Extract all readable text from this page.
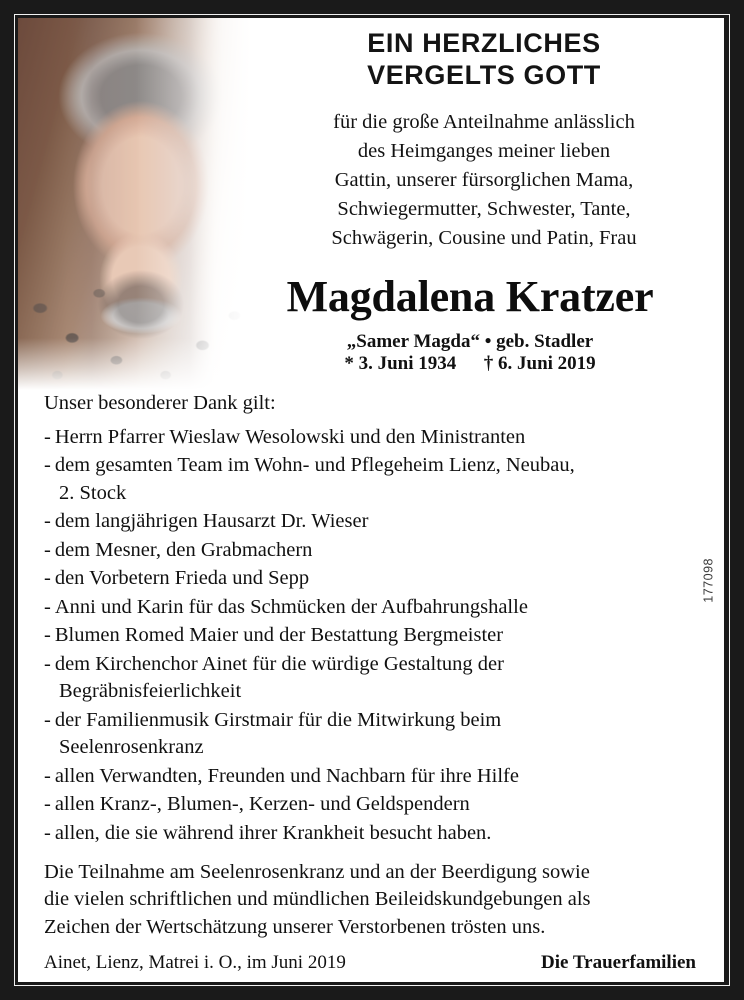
EIN HERZLICHES
VERGELTS GOTT
für die große Anteilnahme anlässlich
des Heimganges meiner lieben
Gattin, unserer fürsorglichen Mama,
Schwiegermutter, Schwester, Tante,
Schwägerin, Cousine und Patin, Frau
Magdalena Kratzer
„Samer Magda“ • geb. Stadler
* 3. Juni 1934 † 6. Juni 2019
Unser besonderer Dank gilt:
- Herrn Pfarrer Wieslaw Wesolowski und den Ministranten
- dem gesamten Team im Wohn- und Pflegeheim Lienz, Neubau,
2. Stock
- dem langjährigen Hausarzt Dr. Wieser
- dem Mesner, den Grabmachern
- den Vorbetern Frieda und Sepp
- Anni und Karin für das Schmücken der Aufbahrungshalle
- Blumen Romed Maier und der Bestattung Bergmeister
- dem Kirchenchor Ainet für die würdige Gestaltung der
Begräbnisfeierlichkeit
- der Familienmusik Girstmair für die Mitwirkung beim
Seelenrosenkranz
- allen Verwandten, Freunden und Nachbarn für ihre Hilfe
- allen Kranz-, Blumen-, Kerzen- und Geldspendern
- allen, die sie während ihrer Krankheit besucht haben.
Die Teilnahme am Seelenrosenkranz und an der Beerdigung sowie
die vielen schriftlichen und mündlichen Beileidskundgebungen als
Zeichen der Wertschätzung unserer Verstorbenen trösten uns.
Ainet, Lienz, Matrei i. O., im Juni 2019	Die Trauerfamilien
177098
